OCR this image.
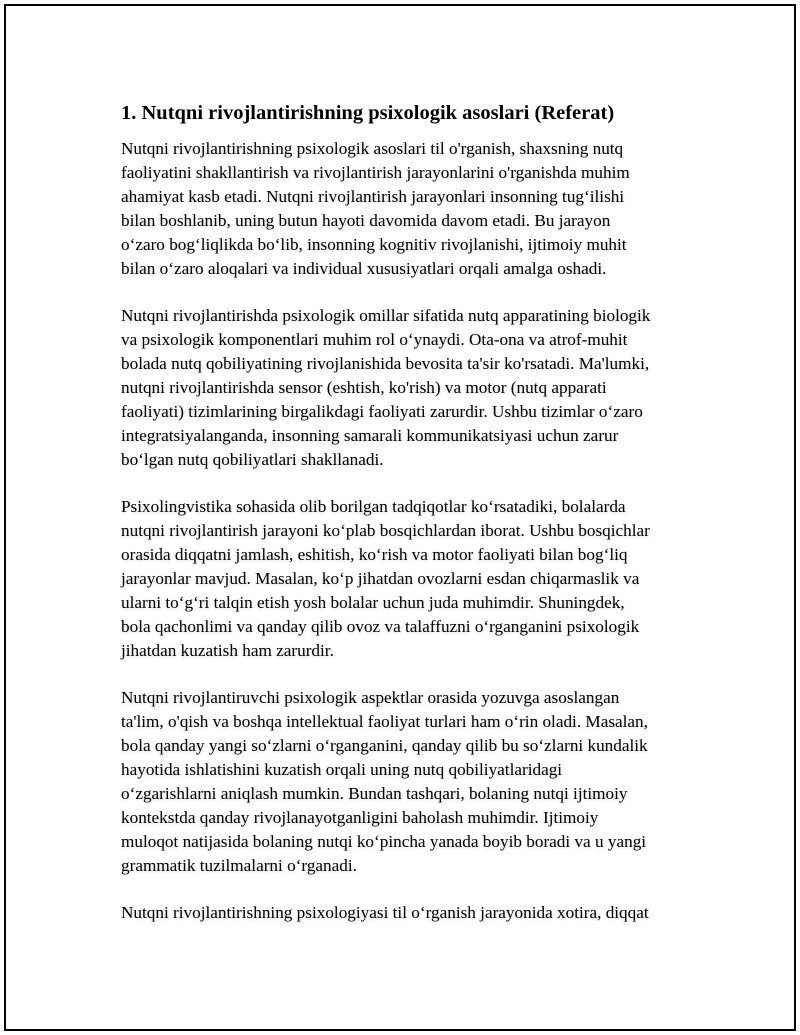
1. Nutqni rivojlantirishning psixologik asoslari (Referat)

Nutqni rivojlantirishning psixologik asoslari til o'rganish, shaxsning nutq
faoliyatini shakllantirish va rivojlantirish jarayonlarini o'rganishda muhim
ahamiyat kasb etadi. Nutqni rivojlantirish jarayonlari insonning tug‘ilishi
bilan boshlanib, uning butun hayoti davomida davom etadi. Bu jarayon
o‘zaro bog‘liqlikda bo‘lib, insonning kognitiv rivojlanishi, ijtimoiy muhit
bilan o‘zaro aloqalari va individual xususiyatlari orqali amalga oshadi.

Nutqni rivojlantirishda psixologik omillar sifatida nutq apparatining biologik
va psixologik komponentlari muhim rol o‘ynaydi. Ota-ona va atrof-muhit
bolada nutq qobiliyatining rivojlanishida bevosita ta'sir ko'rsatadi. Ma'lumki,
nutqni rivojlantirishda sensor (eshtish, ko'rish) va motor (nutq apparati
faoliyati) tizimlarining birgalikdagi faoliyati zarurdir. Ushbu tizimlar o‘zaro
integratsiyalanganda, insonning samarali kommunikatsiyasi uchun zarur
bo‘lgan nutq qobiliyatlari shakllanadi.

Psixolingvistika sohasida olib borilgan tadqiqotlar ko‘rsatadiki, bolalarda
nutqni rivojlantirish jarayoni ko‘plab bosqichlardan iborat. Ushbu bosqichlar
orasida diqqatni jamlash, eshitish, ko‘rish va motor faoliyati bilan bog‘liq
jarayonlar mavjud. Masalan, ko‘p jihatdan ovozlarni esdan chiqarmaslik va
ularni to‘g‘ri talqin etish yosh bolalar uchun juda muhimdir. Shuningdek,
bola qachonlimi va qanday qilib ovoz va talaffuzni o‘rganganini psixologik
jihatdan kuzatish ham zarurdir.

Nutqni rivojlantiruvchi psixologik aspektlar orasida yozuvga asoslangan
ta'lim, o'qish va boshqa intellektual faoliyat turlari ham o‘rin oladi. Masalan,
bola qanday yangi so‘zlarni o‘rganganini, qanday qilib bu so‘zlarni kundalik
hayotida ishlatishini kuzatish orqali uning nutq qobiliyatlaridagi
o‘zgarishlarni aniqlash mumkin. Bundan tashqari, bolaning nutqi ijtimoiy
kontekstda qanday rivojlanayotganligini baholash muhimdir. Ijtimoiy
muloqot natijasida bolaning nutqi ko‘pincha yanada boyib boradi va u yangi
grammatik tuzilmalarni o‘rganadi.

Nutqni rivojlantirishning psixologiyasi til o‘rganish jarayonida xotira, diqqat
